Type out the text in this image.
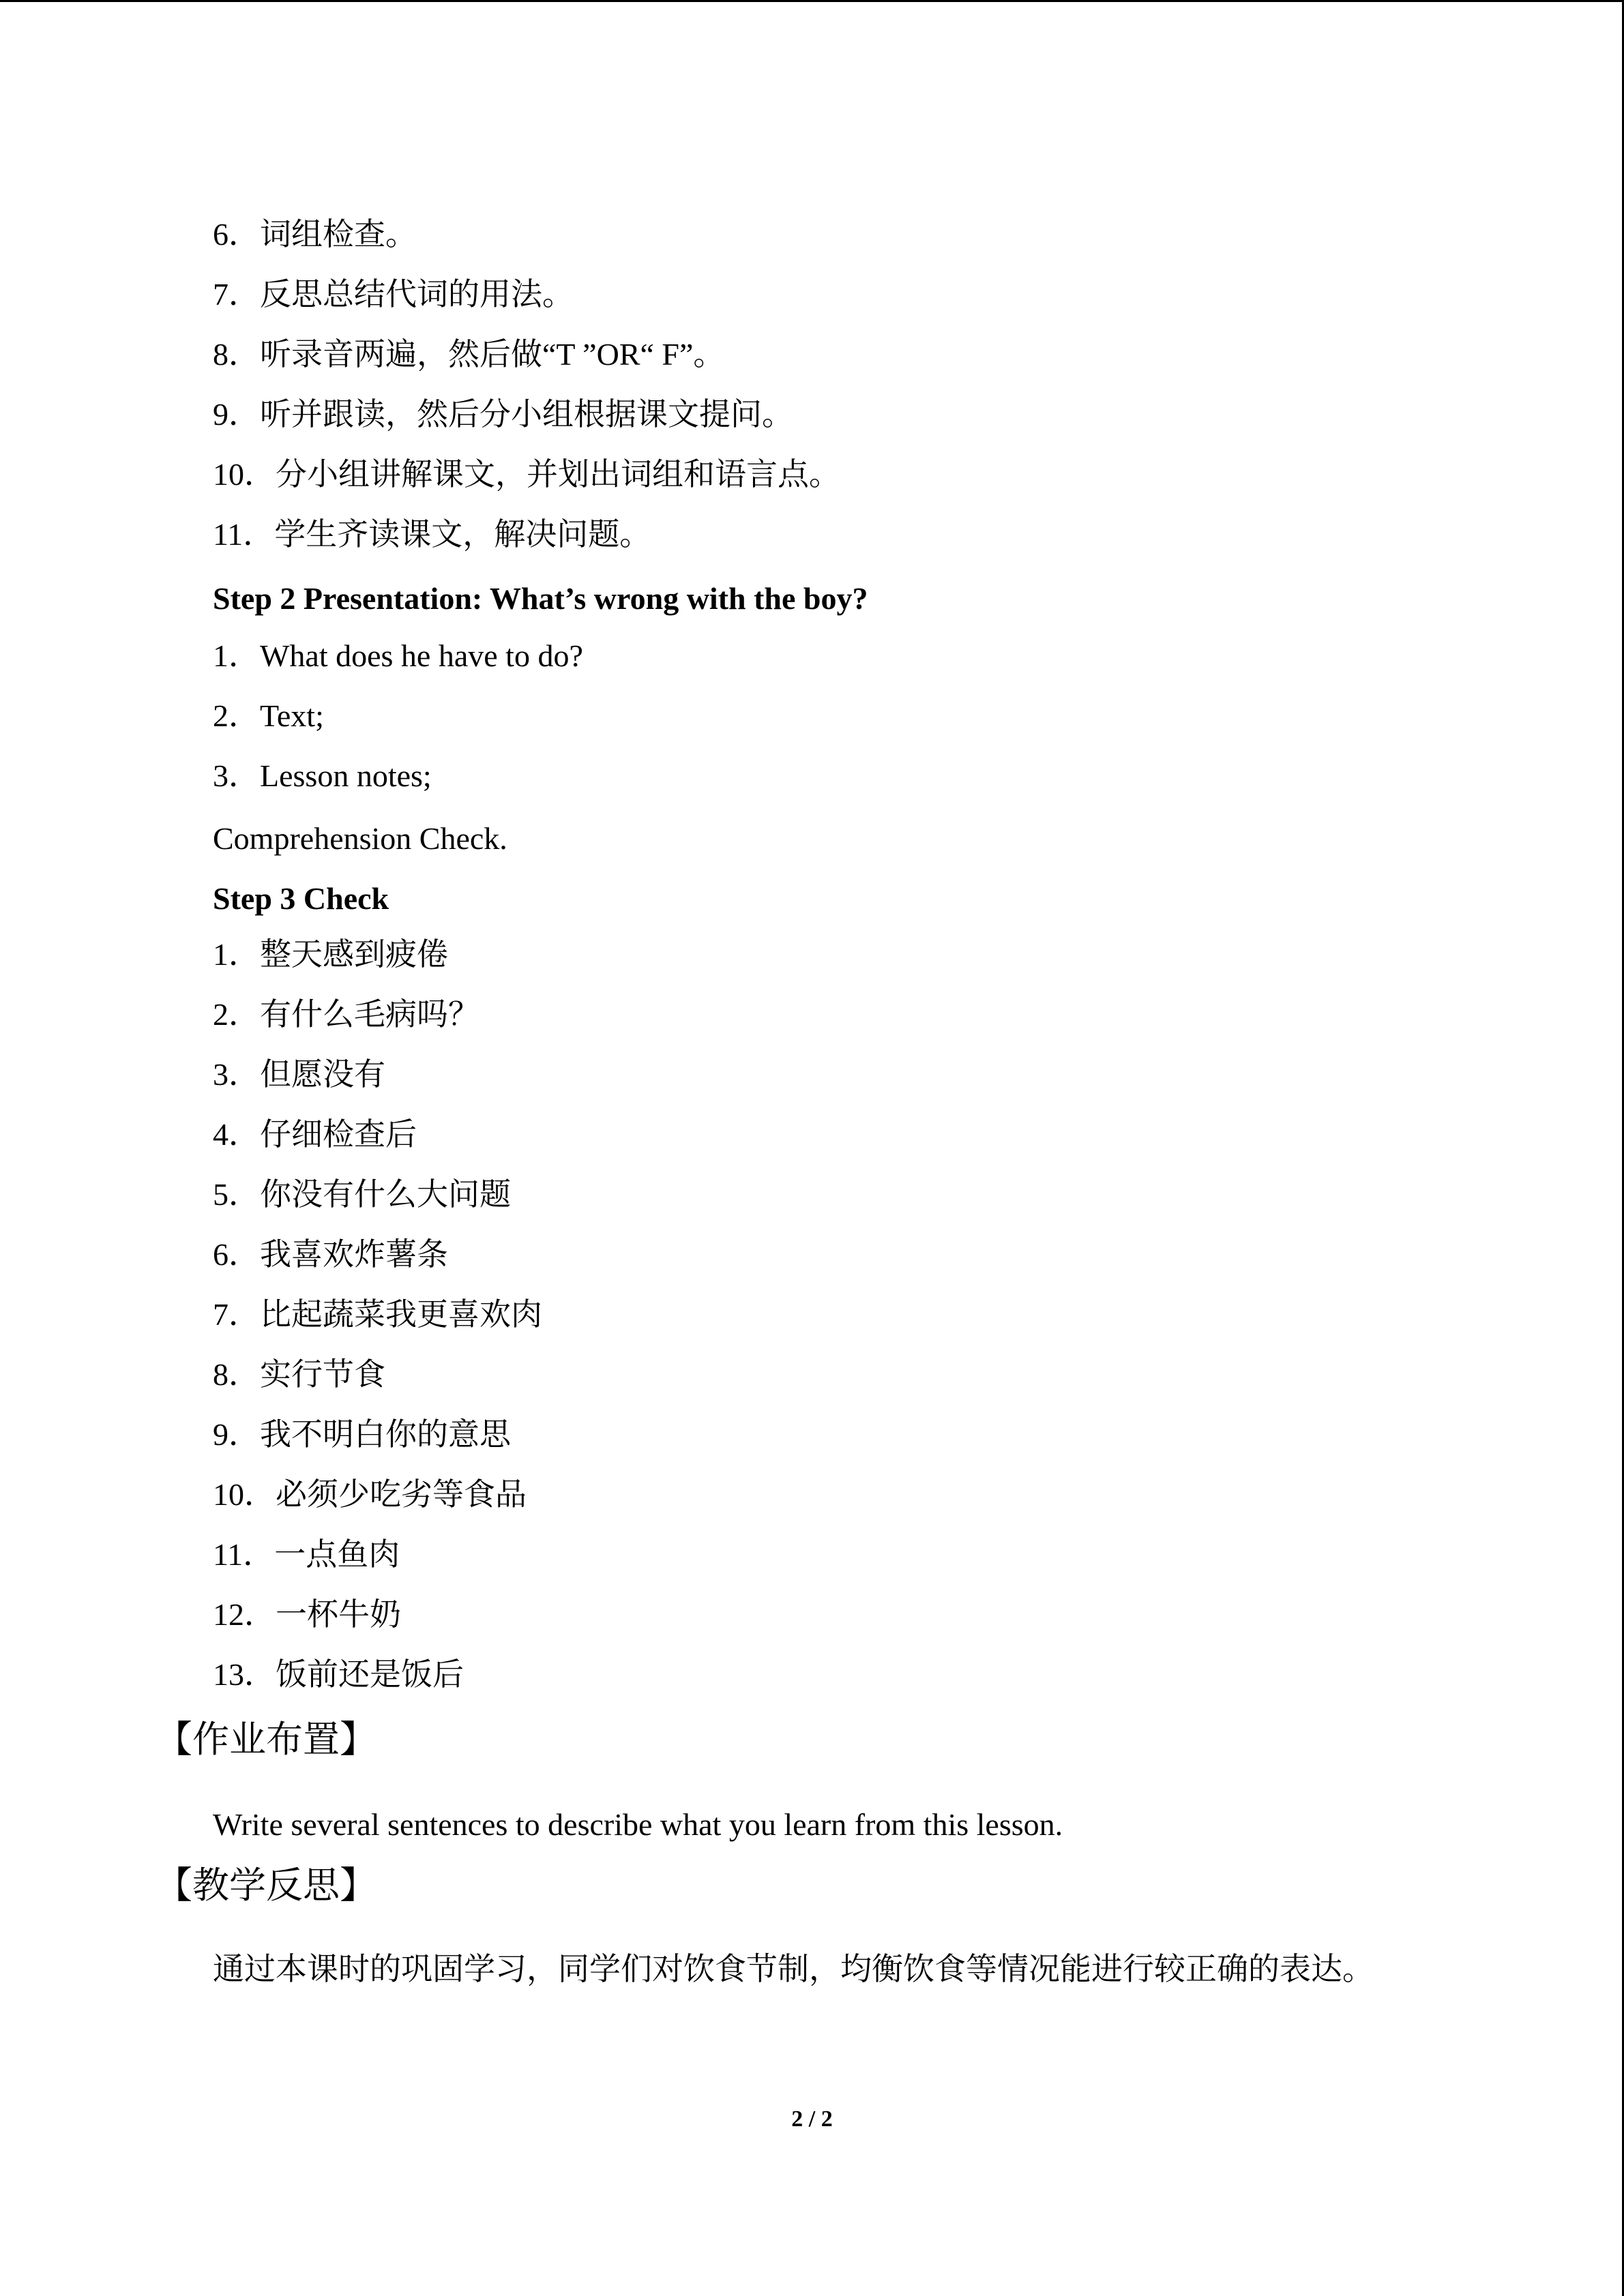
6．词组检查。
7．反思总结代词的用法。
8．听录音两遍，然后做“T ”OR“ F”。
9．听并跟读，然后分小组根据课文提问。
10．分小组讲解课文，并划出词组和语言点。
11．学生齐读课文，解决问题。
Step 2 Presentation: What’s wrong with the boy?
1．What does he have to do?
2．Text;
3．Lesson notes;
Comprehension Check.
Step 3 Check
1．整天感到疲倦
2．有什么毛病吗？
3．但愿没有
4．仔细检查后
5．你没有什么大问题
6．我喜欢炸薯条
7．比起蔬菜我更喜欢肉
8．实行节食
9．我不明白你的意思
10．必须少吃劣等食品
11．一点鱼肉
12．一杯牛奶
13．饭前还是饭后
【作业布置】
Write several sentences to describe what you learn from this lesson.
【教学反思】
通过本课时的巩固学习，同学们对饮食节制，均衡饮食等情况能进行较正确的表达。
2 / 2
